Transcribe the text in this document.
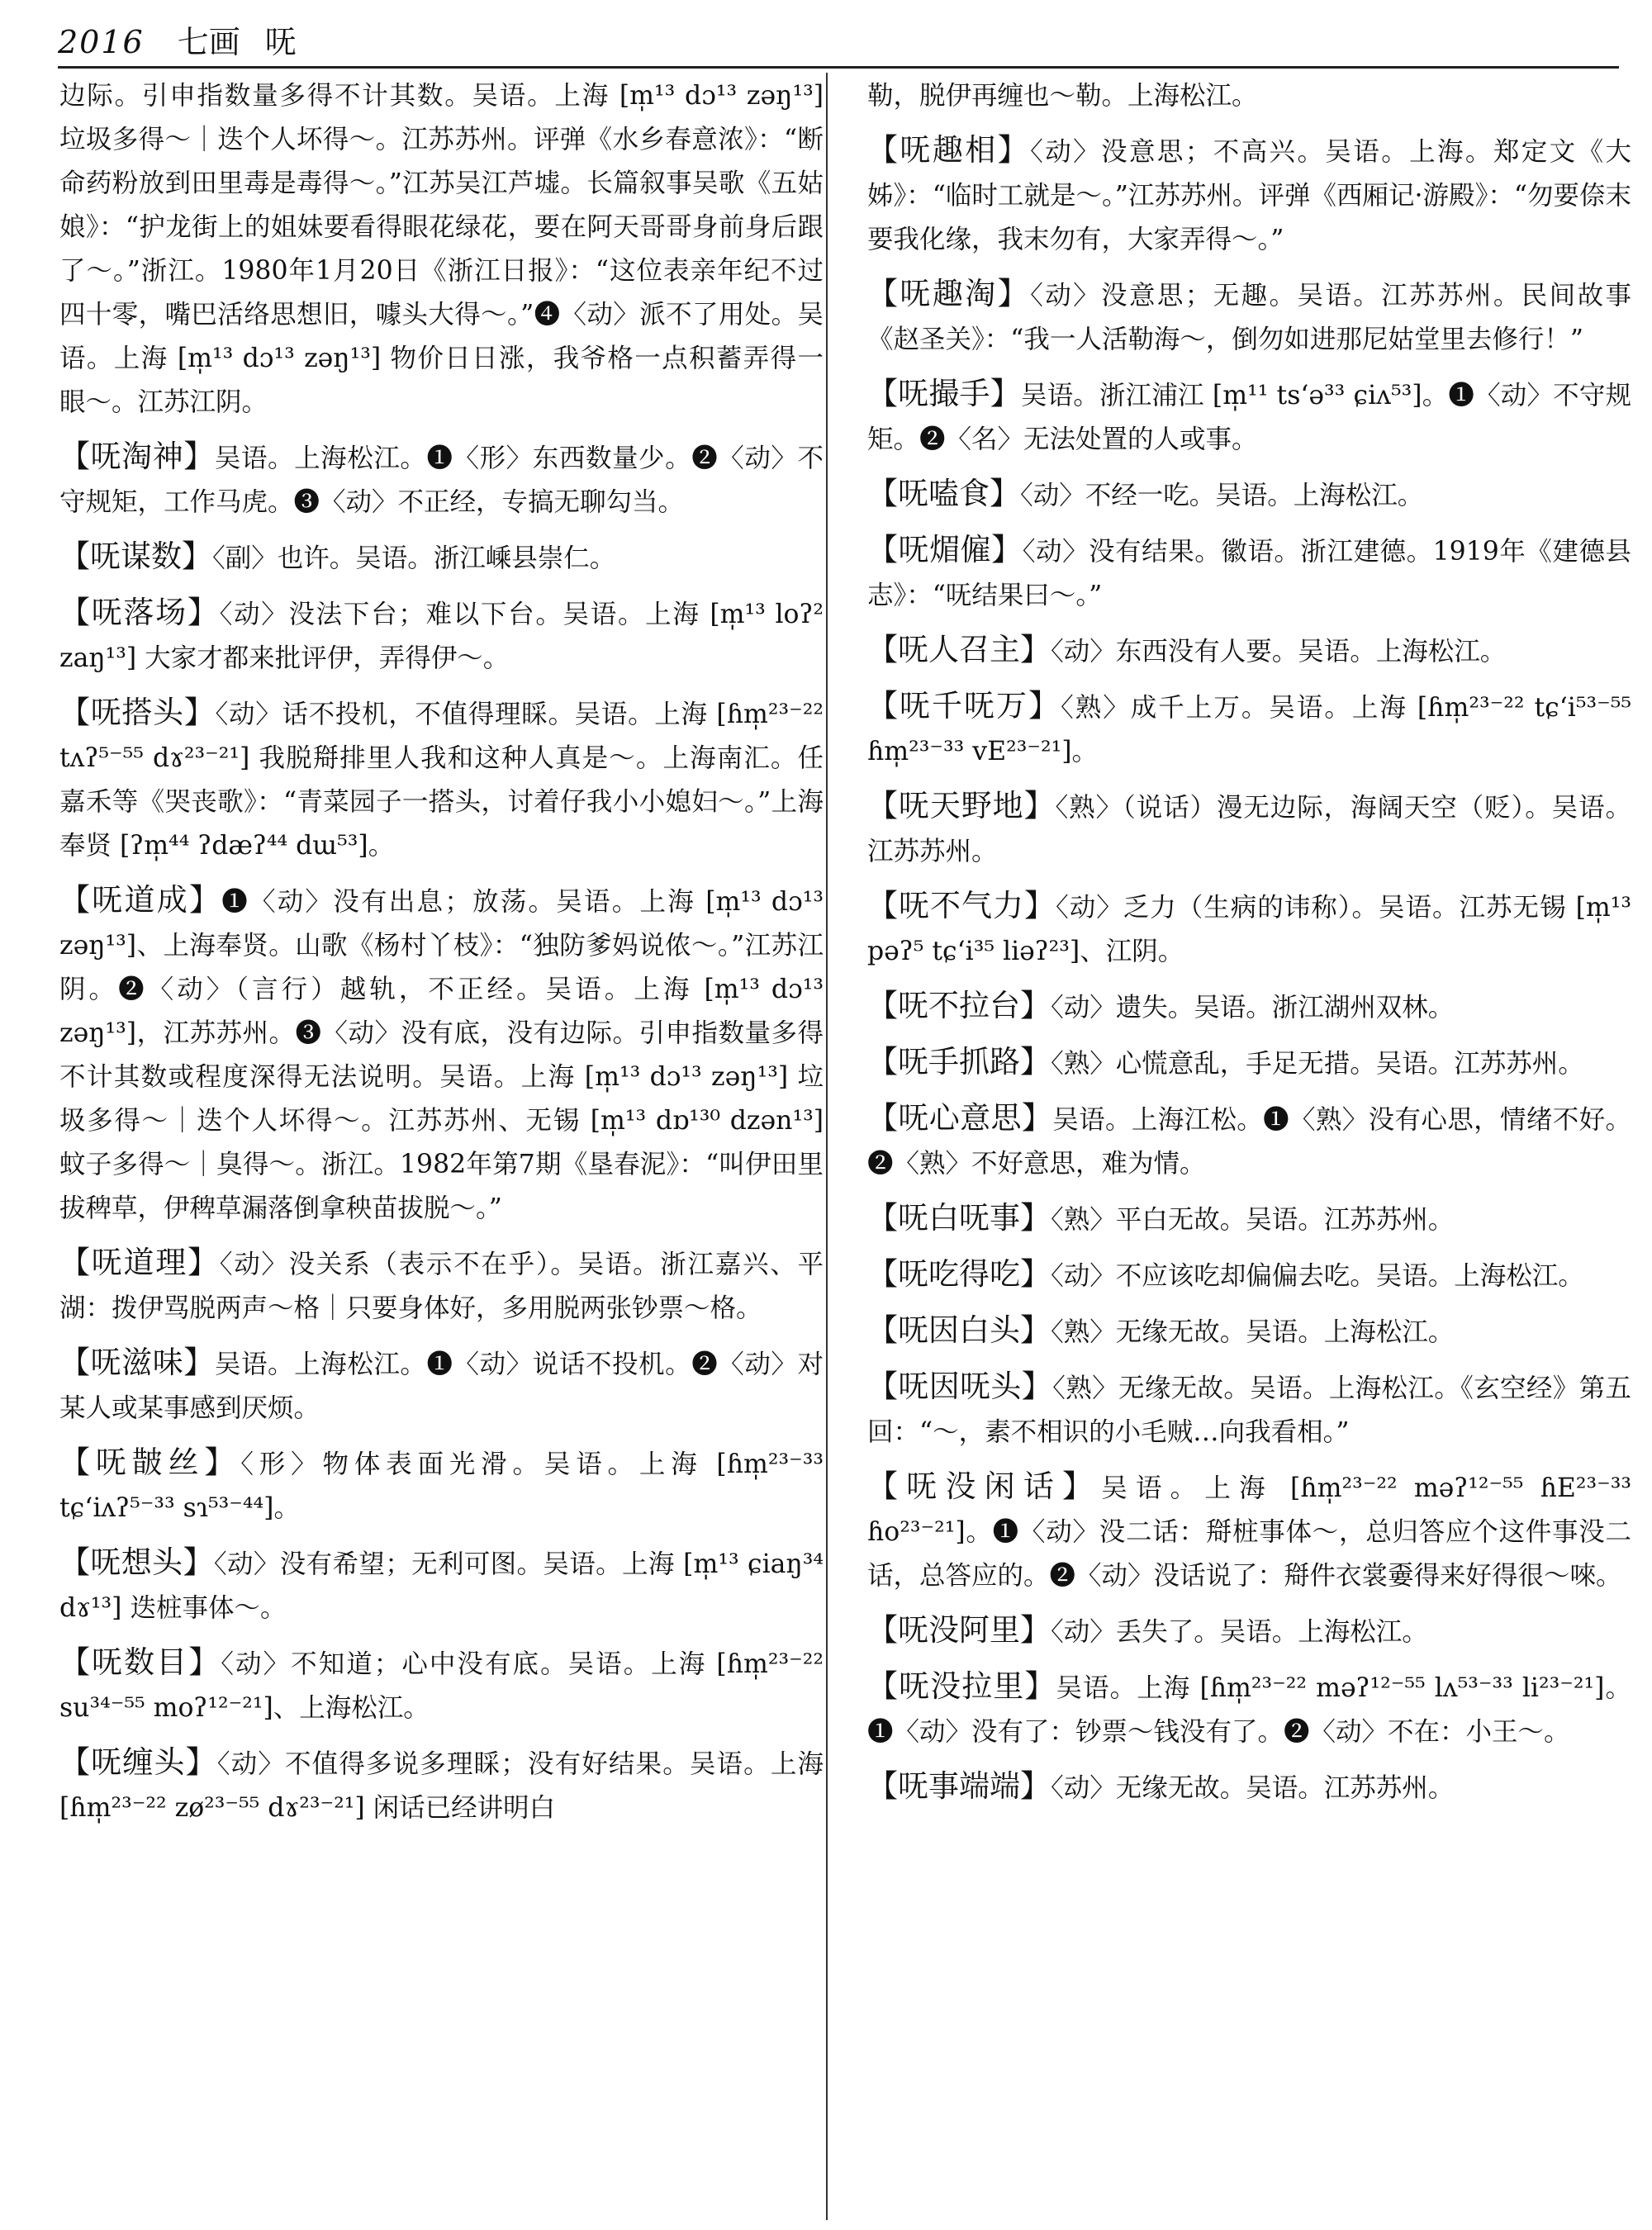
2016 七画 呒
边际。引申指数量多得不计其数。吴语。上海 [m̩¹³ dɔ¹³ zəŋ¹³] 垃圾多得～｜迭个人坏得～。江苏苏州。评弹《水乡春意浓》：“断命药粉放到田里毒是毒得～。”江苏吴江芦墟。长篇叙事吴歌《五姑娘》：“护龙街上的姐妹要看得眼花绿花，要在阿天哥哥身前身后跟了～。”浙江。1980年1月20日《浙江日报》：“这位表亲年纪不过四十零，嘴巴活络思想旧，噱头大得～。”❹〈动〉派不了用处。吴语。上海 [m̩¹³ dɔ¹³ zəŋ¹³] 物价日日涨，我爷格一点积蓄弄得一眼～。江苏江阴。
【呒淘神】吴语。上海松江。❶〈形〉东西数量少。❷〈动〉不守规矩，工作马虎。❸〈动〉不正经，专搞无聊勾当。
【呒谋数】〈副〉也许。吴语。浙江嵊县崇仁。
【呒落场】〈动〉没法下台；难以下台。吴语。上海 [m̩¹³ loʔ² zaŋ¹³] 大家才都来批评伊，弄得伊～。
【呒搭头】〈动〉话不投机，不值得理睬。吴语。上海 [ɦm̩²³⁻²² tʌʔ⁵⁻⁵⁵ dɤ²³⁻²¹] 我脱搿排里人我和这种人真是～。上海南汇。任嘉禾等《哭丧歌》：“青菜园子一搭头，讨着仔我小小媳妇～。”上海奉贤 [ʔm̩⁴⁴ ʔdæʔ⁴⁴ dɯ⁵³]。
【呒道成】❶〈动〉没有出息；放荡。吴语。上海 [m̩¹³ dɔ¹³ zəŋ¹³]、上海奉贤。山歌《杨村丫枝》：“独防爹妈说侬～。”江苏江阴。❷〈动〉（言行）越轨，不正经。吴语。上海 [m̩¹³ dɔ¹³ zəŋ¹³]，江苏苏州。❸〈动〉没有底，没有边际。引申指数量多得不计其数或程度深得无法说明。吴语。上海 [m̩¹³ dɔ¹³ zəŋ¹³] 垃圾多得～｜迭个人坏得～。江苏苏州、无锡 [m̩¹³ dɒ¹³⁰ dzən¹³] 蚊子多得～｜臭得～。浙江。1982年第7期《垦春泥》：“叫伊田里拔稗草，伊稗草漏落倒拿秧苗拔脱～。”
【呒道理】〈动〉没关系（表示不在乎）。吴语。浙江嘉兴、平湖：拨伊骂脱两声～格｜只要身体好，多用脱两张钞票～格。
【呒滋味】吴语。上海松江。❶〈动〉说话不投机。❷〈动〉对某人或某事感到厌烦。
【呒皵丝】〈形〉物体表面光滑。吴语。上海 [ɦm̩²³⁻³³ tɕʻiʌʔ⁵⁻³³ sɿ⁵³⁻⁴⁴]。
【呒想头】〈动〉没有希望；无利可图。吴语。上海 [m̩¹³ ɕiaŋ³⁴ dɤ¹³] 迭桩事体～。
【呒数目】〈动〉不知道；心中没有底。吴语。上海 [ɦm̩²³⁻²² su³⁴⁻⁵⁵ moʔ¹²⁻²¹]、上海松江。
【呒缠头】〈动〉不值得多说多理睬；没有好结果。吴语。上海 [ɦm̩²³⁻²² zø²³⁻⁵⁵ dɤ²³⁻²¹] 闲话已经讲明白
勒，脱伊再缠也～勒。上海松江。
【呒趣相】〈动〉没意思；不高兴。吴语。上海。郑定文《大姊》：“临时工就是～。”江苏苏州。评弹《西厢记·游殿》：“勿要倷末要我化缘，我末勿有，大家弄得～。”
【呒趣淘】〈动〉没意思；无趣。吴语。江苏苏州。民间故事《赵圣关》：“我一人活勒海～，倒勿如进那尼姑堂里去修行！”
【呒撮手】吴语。浙江浦江 [m̩¹¹ tsʻə³³ ɕiʌ⁵³]。❶〈动〉不守规矩。❷〈名〉无法处置的人或事。
【呒嗑食】〈动〉不经一吃。吴语。上海松江。
【呒煝僱】〈动〉没有结果。徽语。浙江建德。1919年《建德县志》：“呒结果曰～。”
【呒人召主】〈动〉东西没有人要。吴语。上海松江。
【呒千呒万】〈熟〉成千上万。吴语。上海 [ɦm̩²³⁻²² tɕʻi⁵³⁻⁵⁵ ɦm̩²³⁻³³ vE²³⁻²¹]。
【呒天野地】〈熟〉（说话）漫无边际，海阔天空（贬）。吴语。江苏苏州。
【呒不气力】〈动〉乏力（生病的讳称）。吴语。江苏无锡 [m̩¹³ pəʔ⁵ tɕʻi³⁵ liəʔ²³]、江阴。
【呒不拉台】〈动〉遗失。吴语。浙江湖州双林。
【呒手抓路】〈熟〉心慌意乱，手足无措。吴语。江苏苏州。
【呒心意思】吴语。上海江松。❶〈熟〉没有心思，情绪不好。❷〈熟〉不好意思，难为情。
【呒白呒事】〈熟〉平白无故。吴语。江苏苏州。
【呒吃得吃】〈动〉不应该吃却偏偏去吃。吴语。上海松江。
【呒因白头】〈熟〉无缘无故。吴语。上海松江。
【呒因呒头】〈熟〉无缘无故。吴语。上海松江。《玄空经》第五回：“～，素不相识的小毛贼…向我看相。”
【呒没闲话】吴语。上海 [ɦm̩²³⁻²² məʔ¹²⁻⁵⁵ ɦE²³⁻³³ ɦo²³⁻²¹]。❶〈动〉没二话：搿桩事体～，总归答应个这件事没二话，总答应的。❷〈动〉没话说了：搿件衣裳嫑得来好得很～唻。
【呒没阿里】〈动〉丢失了。吴语。上海松江。
【呒没拉里】吴语。上海 [ɦm̩²³⁻²² məʔ¹²⁻⁵⁵ lʌ⁵³⁻³³ li²³⁻²¹]。❶〈动〉没有了：钞票～钱没有了。❷〈动〉不在：小王～。
【呒事端端】〈动〉无缘无故。吴语。江苏苏州。
